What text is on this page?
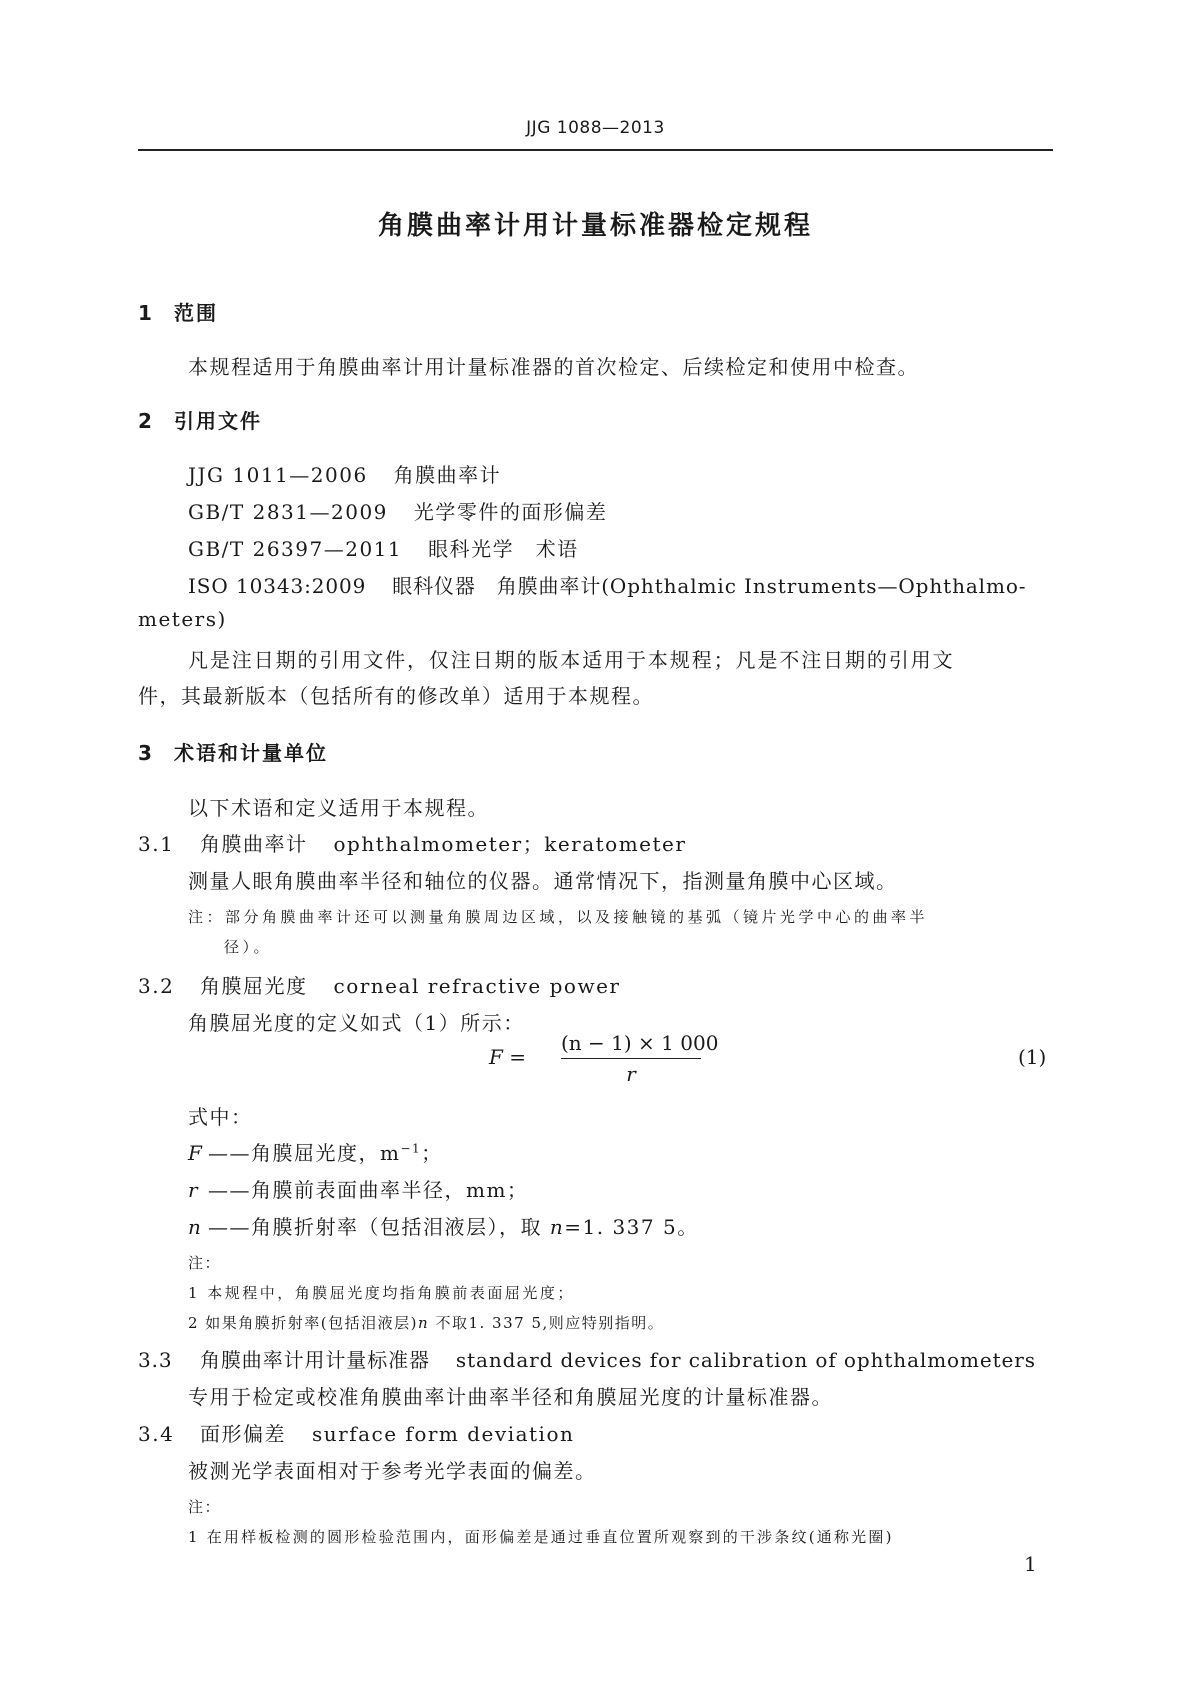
JJG 1088—2013
角膜曲率计用计量标准器检定规程
1 范围
本规程适用于角膜曲率计用计量标准器的首次检定、后续检定和使用中检查。
2 引用文件
JJG 1011—2006 角膜曲率计
GB/T 2831—2009 光学零件的面形偏差
GB/T 26397—2011 眼科光学　术语
ISO 10343:2009 眼科仪器　角膜曲率计(Ophthalmic Instruments—Ophthalmo-
meters)
凡是注日期的引用文件，仅注日期的版本适用于本规程；凡是不注日期的引用文
件，其最新版本（包括所有的修改单）适用于本规程。
3 术语和计量单位
以下术语和定义适用于本规程。
3.1 角膜曲率计 ophthalmometer；keratometer
测量人眼角膜曲率半径和轴位的仪器。通常情况下，指测量角膜中心区域。
注：部分角膜曲率计还可以测量角膜周边区域，以及接触镜的基弧（镜片光学中心的曲率半
径）。
3.2 角膜屈光度 corneal refractive power
角膜屈光度的定义如式（1）所示：
F =
(n − 1) × 1 000
r
(1)
式中：
F ——角膜屈光度，$m^{-1}$；
r ——角膜前表面曲率半径，mm；
n ——角膜折射率（包括泪液层），取 n=1. 337 5。
注：
1 本规程中，角膜屈光度均指角膜前表面屈光度；
2 如果角膜折射率(包括泪液层)n 不取1. 337 5,则应特别指明。
3.3 角膜曲率计用计量标准器 standard devices for calibration of ophthalmometers
专用于检定或校准角膜曲率计曲率半径和角膜屈光度的计量标准器。
3.4 面形偏差 surface form deviation
被测光学表面相对于参考光学表面的偏差。
注：
1 在用样板检测的圆形检验范围内，面形偏差是通过垂直位置所观察到的干涉条纹(通称光圈)
1
